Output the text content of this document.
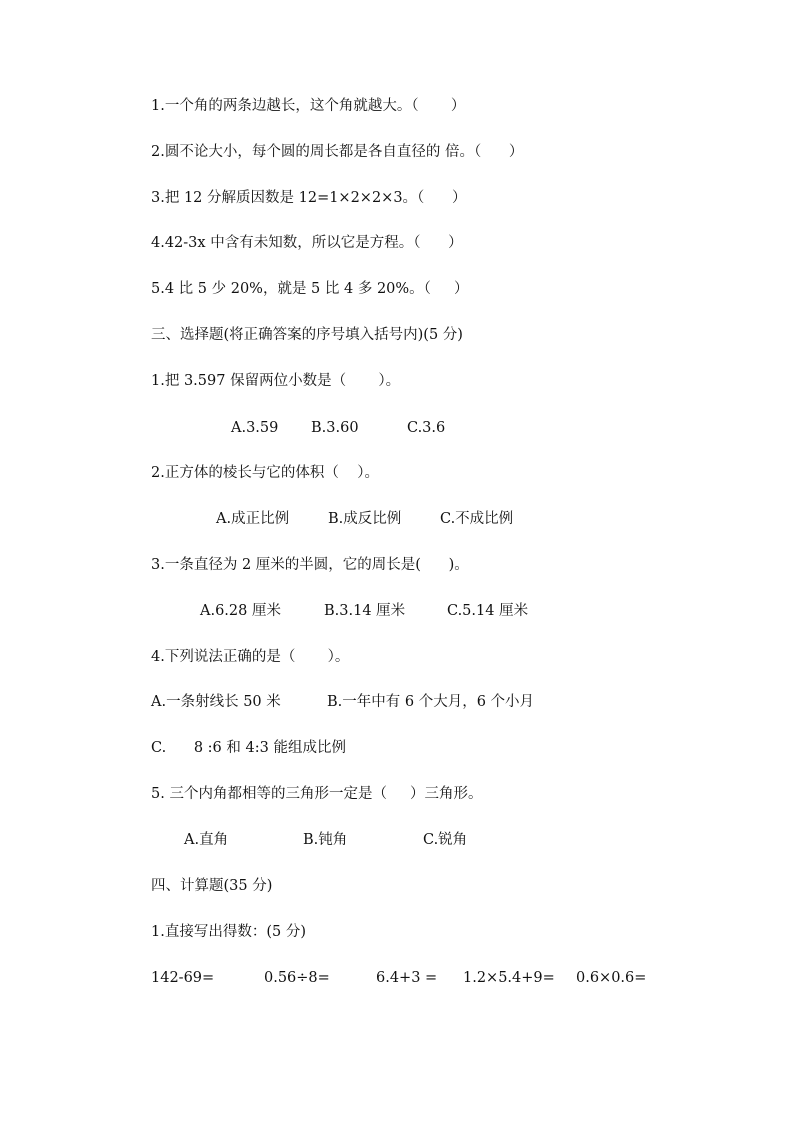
1.一个角的两条边越长，这个角就越大。（       ）
2.圆不论大小，每个圆的周长都是各自直径的 倍。（      ）
3.把 12 分解质因数是 12=1×2×2×3。（      ）
4.42-3x 中含有未知数，所以它是方程。（      ）
5.4 比 5 少 20%，就是 5 比 4 多 20%。（     ）
三、选择题(将正确答案的序号填入括号内)(5 分)
1.把 3.597 保留两位小数是（       ）。
A.3.59 B.3.60	C.3.6
2.正方体的棱长与它的体积（    ）。
A.成正比例	B.成反比例	C.不成比例
3.一条直径为 2 厘米的半圆，它的周长是(      )。
A.6.28 厘米	B.3.14 厘米	C.5.14 厘米
4.下列说法正确的是（       ）。
A.一条射线长 50 米	B.一年中有 6 个大月，6 个小月
C.      8 :6 和 4:3 能组成比例
5. 三个内角都相等的三角形一定是（     ）三角形。
A.直角	B.钝角	C.锐角
四、计算题(35 分)
1.直接写出得数：(5 分)
142-69=	0.56÷8=	6.4+3 = 1.2×5.4+9= 0.6×0.6=
